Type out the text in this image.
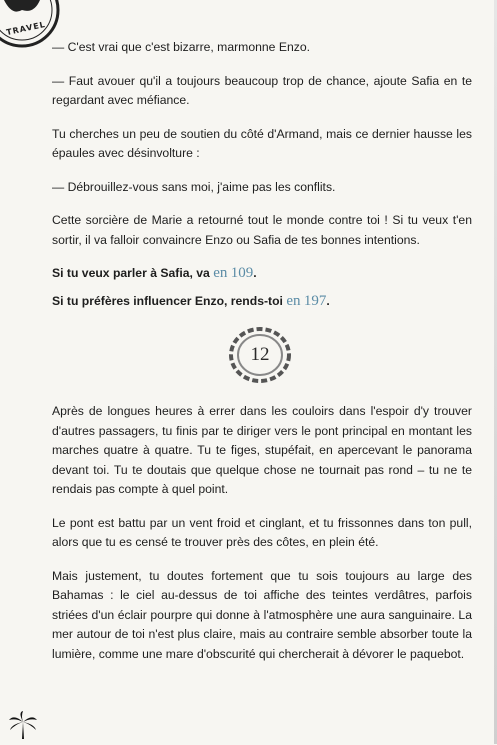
TRAVEL

— C'est vrai que c'est bizarre, marmonne Enzo.

— Faut avouer qu'il a toujours beaucoup trop de chance, ajoute Safia en te regardant avec méfiance.

Tu cherches un peu de soutien du côté d'Armand, mais ce dernier hausse les épaules avec désinvolture :

— Débrouillez-vous sans moi, j'aime pas les conflits.

Cette sorcière de Marie a retourné tout le monde contre toi ! Si tu veux t'en sortir, il va falloir convaincre Enzo ou Safia de tes bonnes intentions.

Si tu veux parler à Safia, va en 109.

Si tu préfères influencer Enzo, rends-toi en 197.

12

Après de longues heures à errer dans les couloirs dans l'espoir d'y trouver d'autres passagers, tu finis par te diriger vers le pont principal en montant les marches quatre à quatre. Tu te figes, stupéfait, en apercevant le panorama devant toi. Tu te doutais que quelque chose ne tournait pas rond – tu ne te rendais pas compte à quel point.

Le pont est battu par un vent froid et cinglant, et tu frissonnes dans ton pull, alors que tu es censé te trouver près des côtes, en plein été.

Mais justement, tu doutes fortement que tu sois toujours au large des Bahamas : le ciel au-dessus de toi affiche des teintes verdâtres, parfois striées d'un éclair pourpre qui donne à l'atmosphère une aura sanguinaire. La mer autour de toi n'est plus claire, mais au contraire semble absorber toute la lumière, comme une mare d'obscurité qui chercherait à dévorer le paquebot.
